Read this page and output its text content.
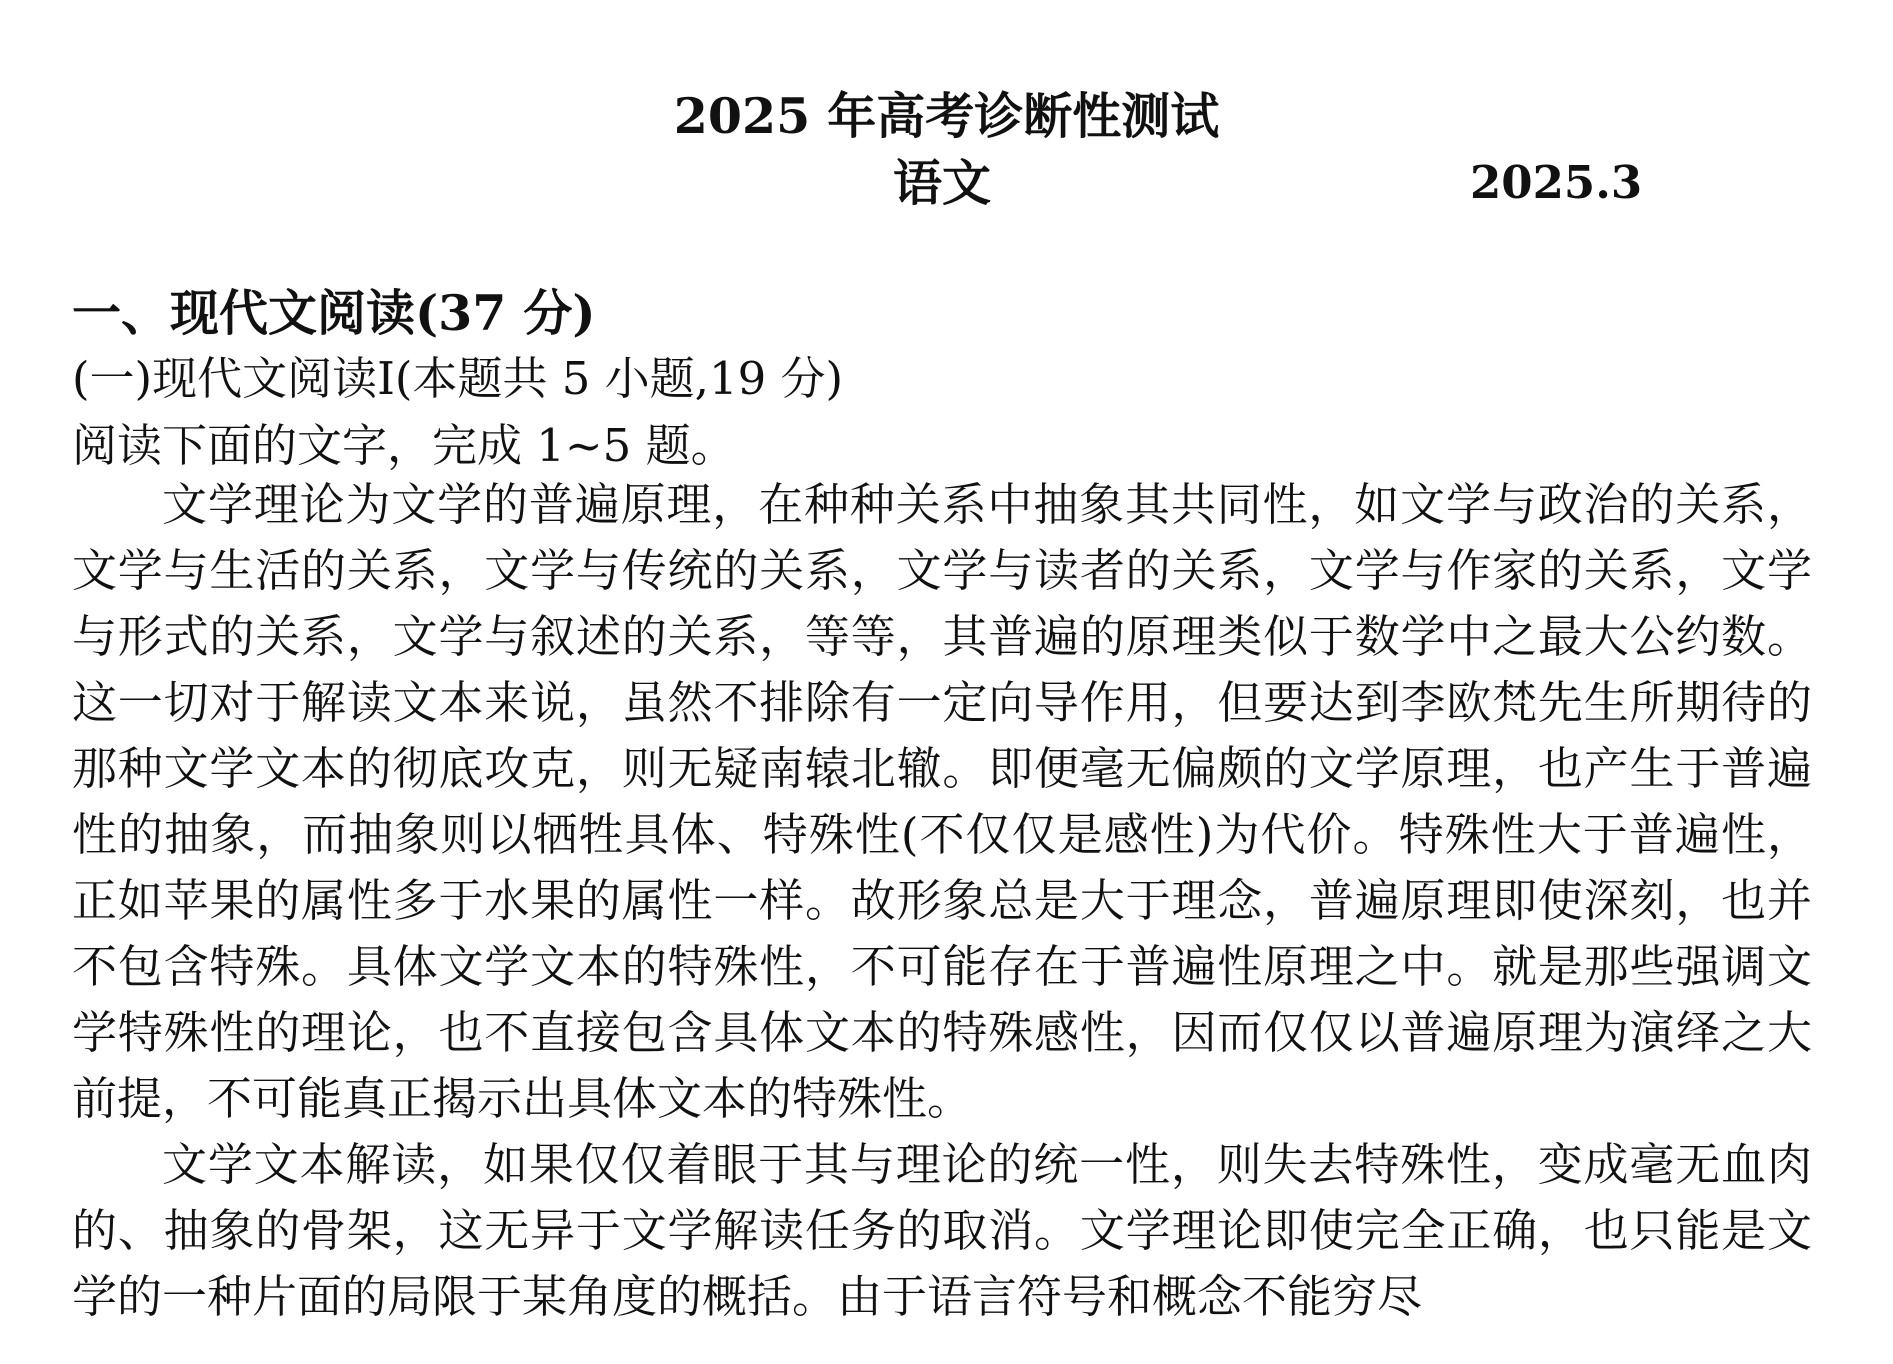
2025 年高考诊断性测试
语文	2025.3
一、现代文阅读(37 分)
(一)现代文阅读Ⅰ(本题共 5 小题,19 分)
阅读下面的文字，完成 1~5 题。

文学理论为文学的普遍原理，在种种关系中抽象其共同性，如文学与政治的关系，文学与生活的关系，文学与传统的关系，文学与读者的关系，文学与作家的关系，文学与形式的关系，文学与叙述的关系，等等，其普遍的原理类似于数学中之最大公约数。这一切对于解读文本来说，虽然不排除有一定向导作用，但要达到李欧梵先生所期待的那种文学文本的彻底攻克，则无疑南辕北辙。即便毫无偏颇的文学原理，也产生于普遍性的抽象，而抽象则以牺牲具体、特殊性(不仅仅是感性)为代价。特殊性大于普遍性，正如苹果的属性多于水果的属性一样。故形象总是大于理念，普遍原理即使深刻，也并不包含特殊。具体文学文本的特殊性，不可能存在于普遍性原理之中。就是那些强调文学特殊性的理论，也不直接包含具体文本的特殊感性，因而仅仅以普遍原理为演绎之大前提，不可能真正揭示出具体文本的特殊性。

文学文本解读，如果仅仅着眼于其与理论的统一性，则失去特殊性，变成毫无血肉的、抽象的骨架，这无异于文学解读任务的取消。文学理论即使完全正确，也只能是文学的一种片面的局限于某角度的概括。由于语言符号和概念不能穷尽
